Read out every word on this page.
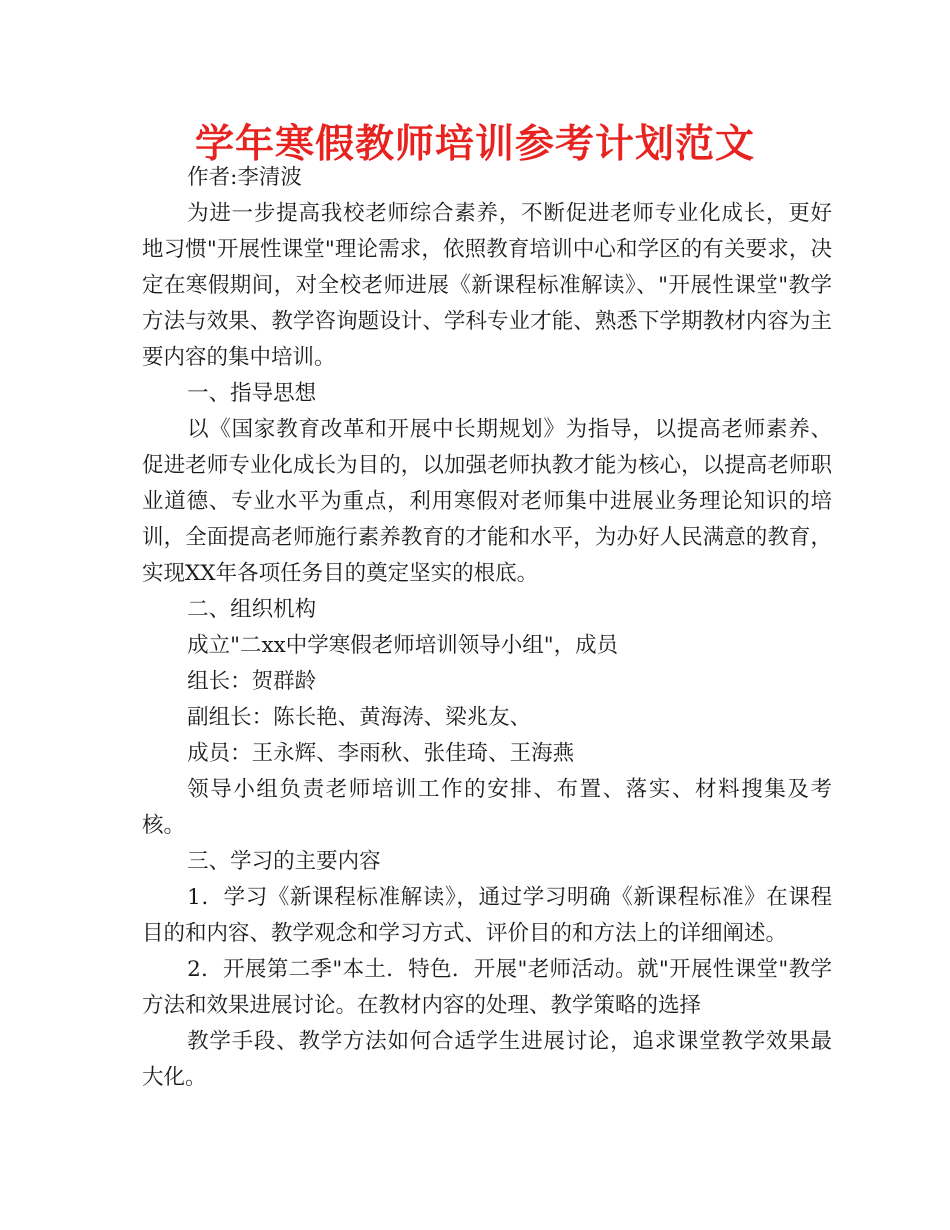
学年寒假教师培训参考计划范文

作者:李清波

为进一步提高我校老师综合素养，不断促进老师专业化成长，更好地习惯"开展性课堂"理论需求，依照教育培训中心和学区的有关要求，决定在寒假期间，对全校老师进展《新课程标准解读》、"开展性课堂"教学方法与效果、教学咨询题设计、学科专业才能、熟悉下学期教材内容为主要内容的集中培训。

一、指导思想

以《国家教育改革和开展中长期规划》为指导，以提高老师素养、促进老师专业化成长为目的，以加强老师执教才能为核心，以提高老师职业道德、专业水平为重点，利用寒假对老师集中进展业务理论知识的培训，全面提高老师施行素养教育的才能和水平，为办好人民满意的教育，实现XX年各项任务目的奠定坚实的根底。

二、组织机构

成立"二xx中学寒假老师培训领导小组"，成员

组长：贺群龄

副组长：陈长艳、黄海涛、梁兆友、

成员：王永辉、李雨秋、张佳琦、王海燕

领导小组负责老师培训工作的安排、布置、落实、材料搜集及考核。

三、学习的主要内容

1．学习《新课程标准解读》，通过学习明确《新课程标准》在课程目的和内容、教学观念和学习方式、评价目的和方法上的详细阐述。

2．开展第二季"本土．特色．开展"老师活动。就"开展性课堂"教学方法和效果进展讨论。在教材内容的处理、教学策略的选择

教学手段、教学方法如何合适学生进展讨论，追求课堂教学效果最大化。
